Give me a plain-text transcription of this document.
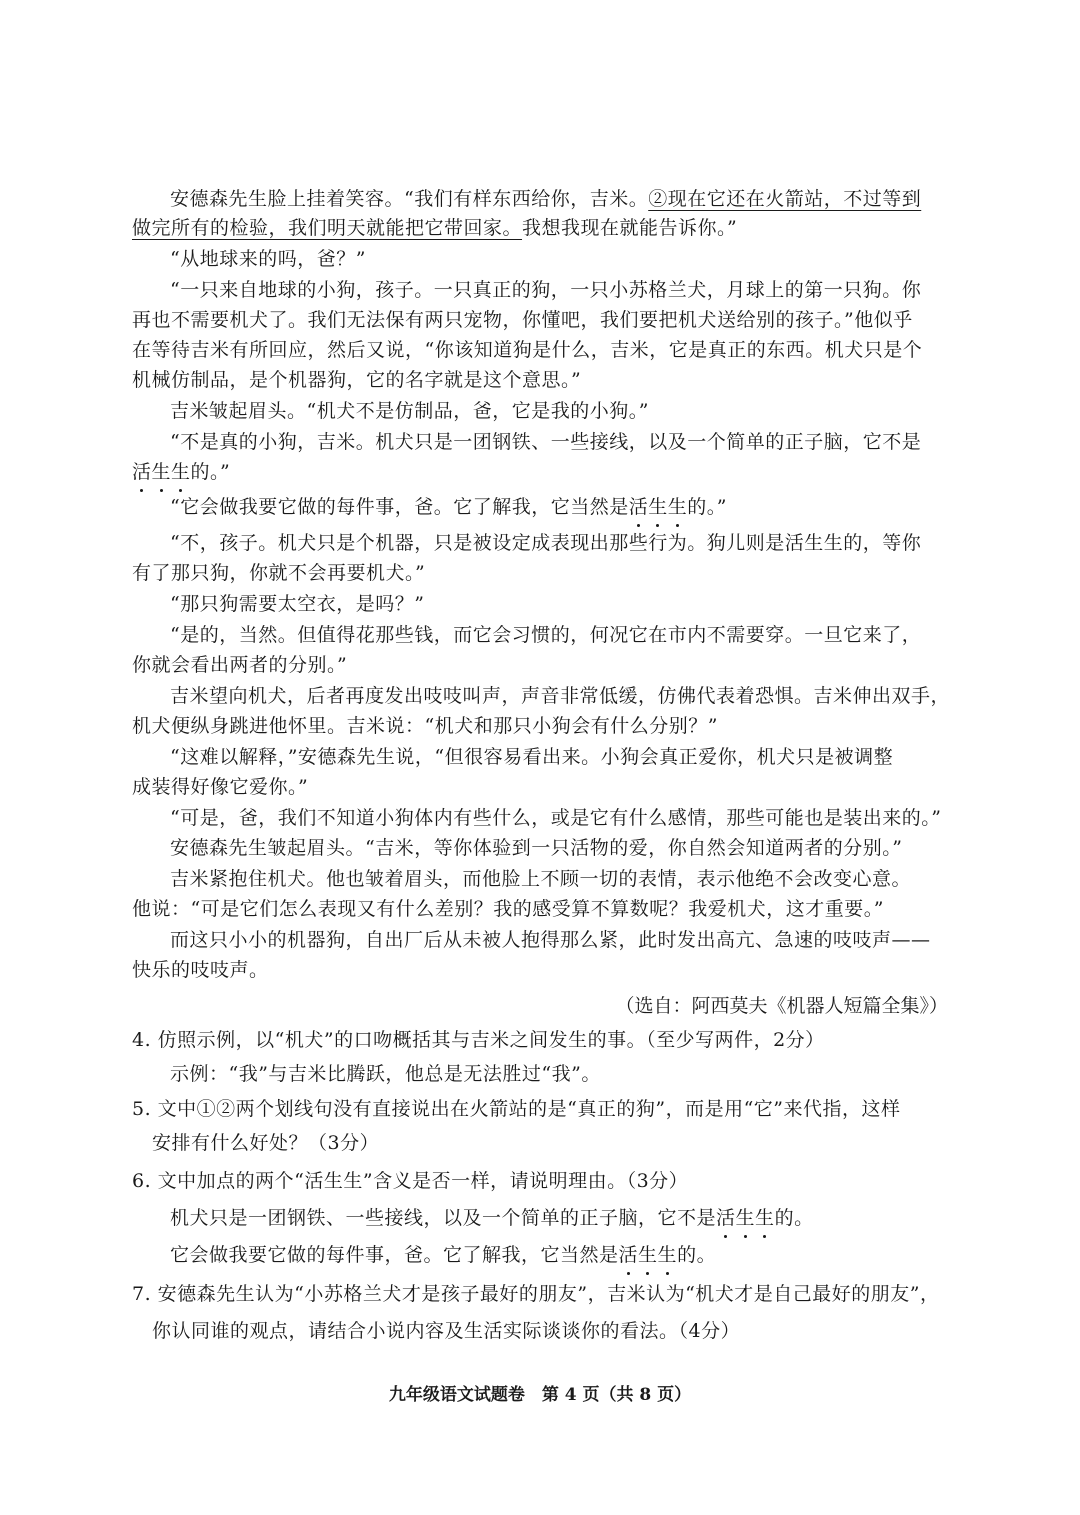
安德森先生脸上挂着笑容。“我们有样东西给你，吉米。②现在它还在火箭站，不过等到
做完所有的检验，我们明天就能把它带回家。我想我现在就能告诉你。”
“从地球来的吗，爸？”
“一只来自地球的小狗，孩子。一只真正的狗，一只小苏格兰犬，月球上的第一只狗。你
再也不需要机犬了。我们无法保有两只宠物，你懂吧，我们要把机犬送给别的孩子。”他似乎
在等待吉米有所回应，然后又说，“你该知道狗是什么，吉米，它是真正的东西。机犬只是个
机械仿制品，是个机器狗，它的名字就是这个意思。”
吉米皱起眉头。“机犬不是仿制品，爸，它是我的小狗。”
“不是真的小狗，吉米。机犬只是一团钢铁、一些接线，以及一个简单的正子脑，它不是
活生生的。”
“它会做我要它做的每件事，爸。它了解我，它当然是活生生的。”
“不，孩子。机犬只是个机器，只是被设定成表现出那些行为。狗儿则是活生生的，等你
有了那只狗，你就不会再要机犬。”
“那只狗需要太空衣，是吗？”
“是的，当然。但值得花那些钱，而它会习惯的，何况它在市内不需要穿。一旦它来了，
你就会看出两者的分别。”
吉米望向机犬，后者再度发出吱吱叫声，声音非常低缓，仿佛代表着恐惧。吉米伸出双手，
机犬便纵身跳进他怀里。吉米说：“机犬和那只小狗会有什么分别？”
“这难以解释，”安德森先生说，“但很容易看出来。小狗会真正爱你，机犬只是被调整
成装得好像它爱你。”
“可是，爸，我们不知道小狗体内有些什么，或是它有什么感情，那些可能也是装出来的。”
安德森先生皱起眉头。“吉米，等你体验到一只活物的爱，你自然会知道两者的分别。”
吉米紧抱住机犬。他也皱着眉头，而他脸上不顾一切的表情，表示他绝不会改变心意。
他说：“可是它们怎么表现又有什么差别？我的感受算不算数呢？我爱机犬，这才重要。”
而这只小小的机器狗，自出厂后从未被人抱得那么紧，此时发出高亢、急速的吱吱声——
快乐的吱吱声。
（选自：阿西莫夫《机器人短篇全集》）
4. 仿照示例，以“机犬”的口吻概括其与吉米之间发生的事。（至少写两件，2分）
示例：“我”与吉米比腾跃，他总是无法胜过“我”。
5. 文中①②两个划线句没有直接说出在火箭站的是“真正的狗”，而是用“它”来代指，这样
安排有什么好处？（3分）
6. 文中加点的两个“活生生”含义是否一样，请说明理由。（3分）
机犬只是一团钢铁、一些接线，以及一个简单的正子脑，它不是活生生的。
它会做我要它做的每件事，爸。它了解我，它当然是活生生的。
7. 安德森先生认为“小苏格兰犬才是孩子最好的朋友”，吉米认为“机犬才是自己最好的朋友”，
你认同谁的观点，请结合小说内容及生活实际谈谈你的看法。（4分）
九年级语文试题卷　第 4 页（共 8 页）
